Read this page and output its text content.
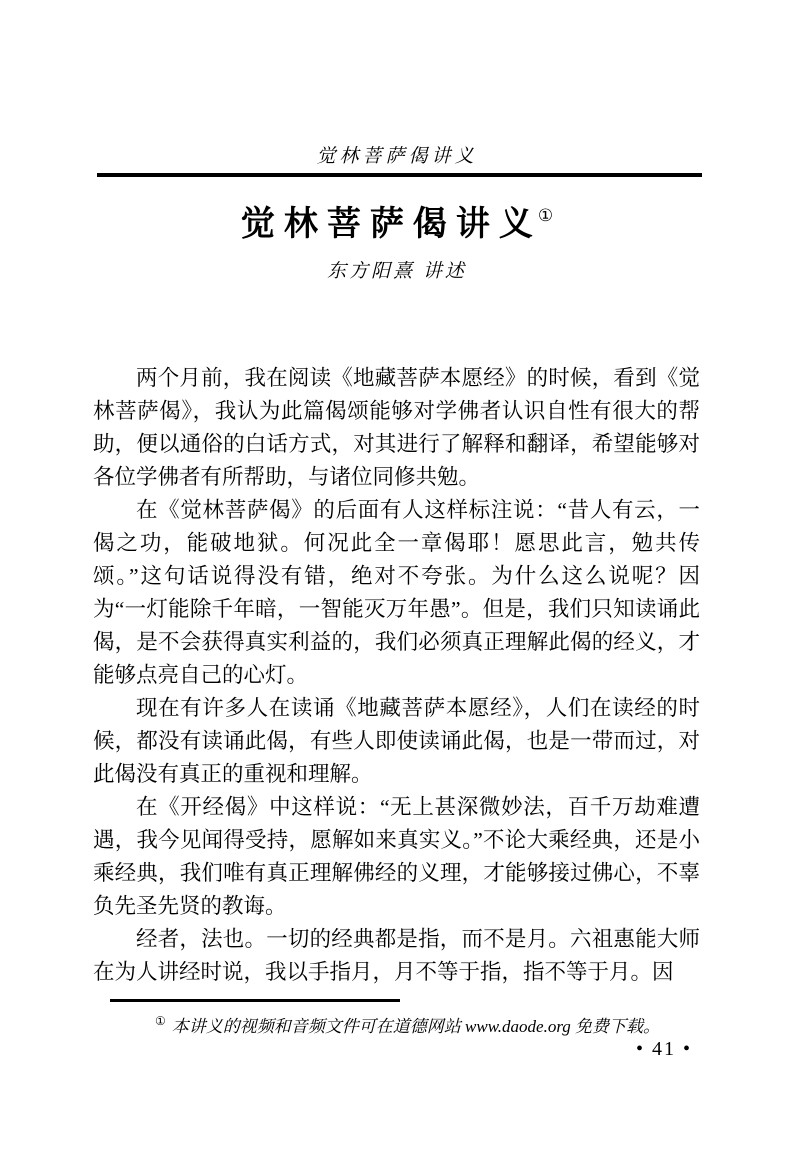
觉林菩萨偈讲义
觉林菩萨偈讲义①
东方阳熹 讲述

两个月前，我在阅读《地藏菩萨本愿经》的时候，看到《觉林菩萨偈》，我认为此篇偈颂能够对学佛者认识自性有很大的帮助，便以通俗的白话方式，对其进行了解释和翻译，希望能够对各位学佛者有所帮助，与诸位同修共勉。

在《觉林菩萨偈》的后面有人这样标注说：“昔人有云，一偈之功，能破地狱。何况此全一章偈耶！愿思此言，勉共传颂。”这句话说得没有错，绝对不夸张。为什么这么说呢？因为“一灯能除千年暗，一智能灭万年愚”。但是，我们只知读诵此偈，是不会获得真实利益的，我们必须真正理解此偈的经义，才能够点亮自己的心灯。

现在有许多人在读诵《地藏菩萨本愿经》，人们在读经的时候，都没有读诵此偈，有些人即使读诵此偈，也是一带而过，对此偈没有真正的重视和理解。

在《开经偈》中这样说：“无上甚深微妙法，百千万劫难遭遇，我今见闻得受持，愿解如来真实义。”不论大乘经典，还是小乘经典，我们唯有真正理解佛经的义理，才能够接过佛心，不辜负先圣先贤的教诲。

经者，法也。一切的经典都是指，而不是月。六祖惠能大师在为人讲经时说，我以手指月，月不等于指，指不等于月。因

① 本讲义的视频和音频文件可在道德网站 www.daode.org 免费下载。
• 41 •
